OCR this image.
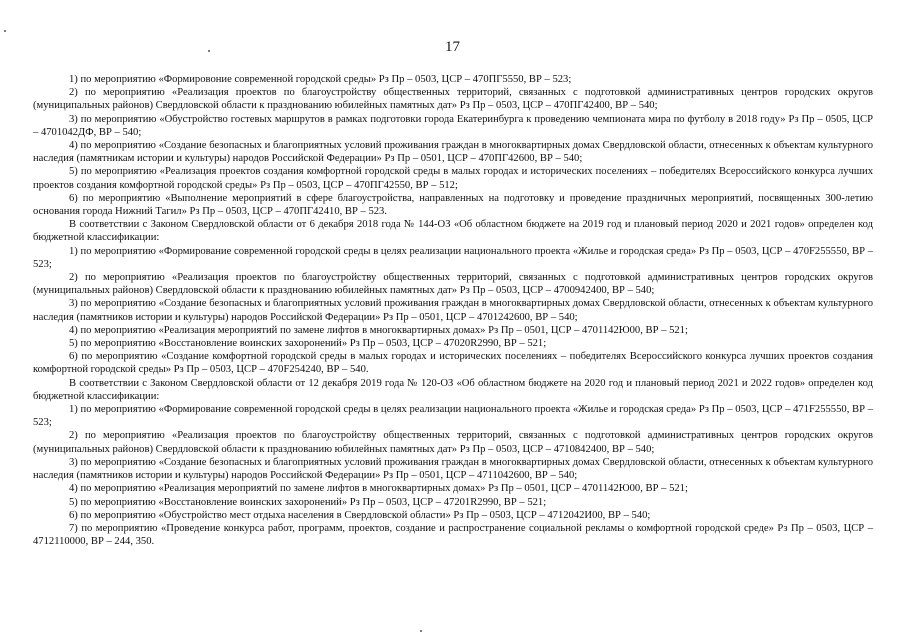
17

1) по мероприятию «Формировоние современной городской среды» Рз Пр – 0503, ЦСР – 470ПГ5550, ВР – 523;

2) по мероприятию «Реализация проектов по благоустройству общественных территорий, связанных с подготовкой административных центров городских округов (муниципальных районов) Свердловской области к празднованию юбилейных памятных дат» Рз Пр – 0503, ЦСР – 470ПГ42400, ВР – 540;

3) по мероприятию «Обустройство гостевых маршрутов в рамках подготовки города Екатеринбурга к проведению чемпионата мира по футболу в 2018 году» Рз Пр – 0505, ЦСР – 4701042ДФ, ВР – 540;

4) по мероприятию «Создание безопасных и благоприятных условий проживания граждан в многоквартирных домах Свердловской области, отнесенных к объектам культурного наследия (памятникам истории и культуры) народов Российской Федерации» Рз Пр – 0501, ЦСР – 470ПГ42600, ВР – 540;

5) по мероприятию «Реализация проектов создания комфортной городской среды в малых городах и исторических поселениях – победителях Всероссийского конкурса лучших проектов создания комфортной городской среды» Рз Пр – 0503, ЦСР – 470ПГ42550, ВР – 512;

6) по мероприятию «Выполнение мероприятий в сфере благоустройства, направленных на подготовку и проведение праздничных мероприятий, посвященных 300-летию основания города Нижний Тагил» Рз Пр – 0503, ЦСР – 470ПГ42410, ВР – 523.

В соответствии с Законом Свердловской области от 6 декабря 2018 года № 144-ОЗ «Об областном бюджете на 2019 год и плановый период 2020 и 2021 годов» определен код бюджетной классификации:

1) по мероприятию «Формирование современной городской среды в целях реализации национального проекта «Жилье и городская среда» Рз Пр – 0503, ЦСР – 470F255550, ВР – 523;

2) по мероприятию «Реализация проектов по благоустройству общественных территорий, связанных с подготовкой административных центров городских округов (муниципальных районов) Свердловской области к празднованию юбилейных памятных дат» Рз Пр – 0503, ЦСР – 4700942400, ВР – 540;

3) по мероприятию «Создание безопасных и благоприятных условий проживания граждан в многоквартирных домах Свердловской области, отнесенных к объектам культурного наследия (памятников истории и культуры) народов Российской Федерации» Рз Пр – 0501, ЦСР – 4701242600, ВР – 540;

4) по мероприятию «Реализация мероприятий по замене лифтов в многоквартирных домах» Рз Пр – 0501, ЦСР – 4701142Ю00, ВР – 521;

5) по мероприятию «Восстановление воинских захоронений» Рз Пр – 0503, ЦСР – 47020R2990, ВР – 521;

6) по мероприятию «Создание комфортной городской среды в малых городах и исторических поселениях – победителях Всероссийского конкурса лучших проектов создания комфортной городской среды» Рз Пр – 0503, ЦСР – 470F254240, ВР – 540.

В соответствии с Законом Свердловской области от 12 декабря 2019 года № 120-ОЗ «Об областном бюджете на 2020 год и плановый период 2021 и 2022 годов» определен код бюджетной классификации:

1) по мероприятию «Формирование современной городской среды в целях реализации национального проекта «Жилье и городская среда» Рз Пр – 0503, ЦСР – 471F255550, ВР – 523;

2) по мероприятию «Реализация проектов по благоустройству общественных территорий, связанных с подготовкой административных центров городских округов (муниципальных районов) Свердловской области к празднованию юбилейных памятных дат» Рз Пр – 0503, ЦСР – 4710842400, ВР – 540;

3) по мероприятию «Создание безопасных и благоприятных условий проживания граждан в многоквартирных домах Свердловской области, отнесенных к объектам культурного наследия (памятников истории и культуры) народов Российской Федерации» Рз Пр – 0501, ЦСР – 4711042600, ВР – 540;

4) по мероприятию «Реализация мероприятий по замене лифтов в многоквартирных домах» Рз Пр – 0501, ЦСР – 4701142Ю00, ВР – 521;

5) по мероприятию «Восстановление воинских захоронений» Рз Пр – 0503, ЦСР – 47201R2990, ВР – 521;

6) по мероприятию «Обустройство мест отдыха населения в Свердловской области» Рз Пр – 0503, ЦСР – 4712042И00, ВР – 540;

7) по мероприятию «Проведение конкурса работ, программ, проектов, создание и распространение социальной рекламы о комфортной городской среде» Рз Пр – 0503, ЦСР – 4712110000, ВР – 244, 350.
